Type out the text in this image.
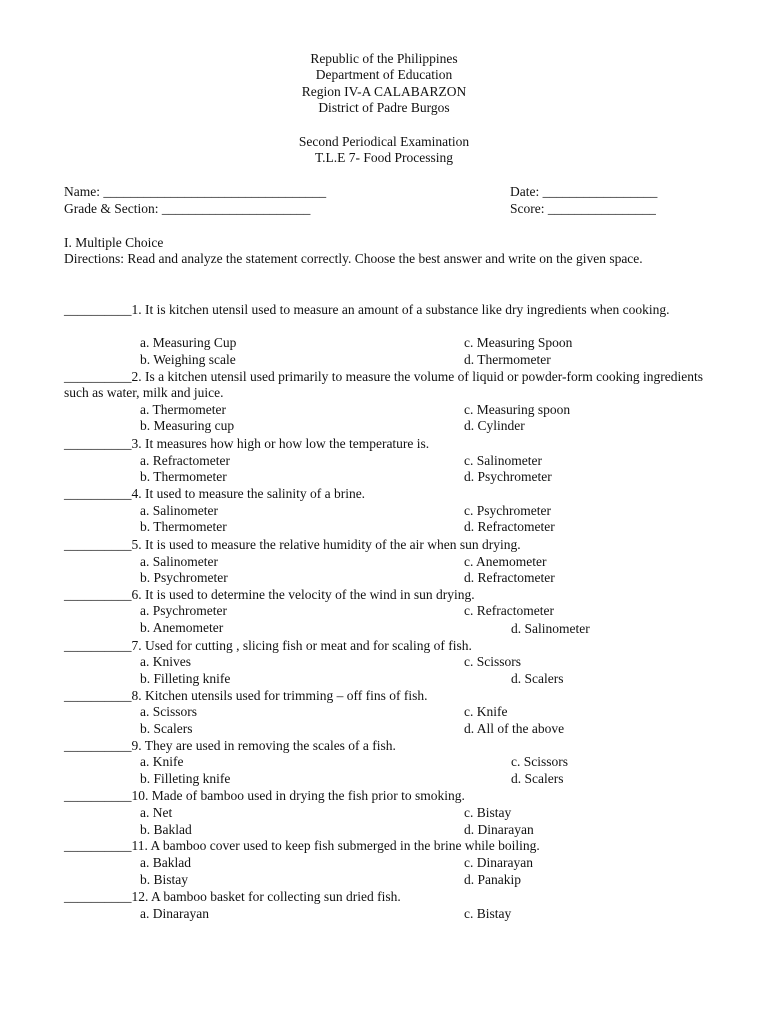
Republic of the Philippines
Department of Education
Region IV-A CALABARZON
District of Padre Burgos
Second Periodical Examination
T.L.E 7- Food Processing
Name: _________________________________	Date: _________________
Grade & Section: ______________________	Score: ________________
I. Multiple Choice
Directions: Read and analyze the statement correctly. Choose the best answer and write on the given space.
__________1. It is kitchen utensil used to measure an amount of a substance like dry ingredients when cooking.
a. Measuring Cup	c. Measuring Spoon
b. Weighing scale	d. Thermometer
__________2. Is a kitchen utensil used primarily to measure the volume of liquid or powder-form cooking ingredients such as water, milk and juice.
a. Thermometer	c. Measuring spoon
b. Measuring cup	d. Cylinder
__________3. It measures how high or how low the temperature is.
a. Refractometer	c. Salinometer
b. Thermometer	d. Psychrometer
__________4. It used to measure the salinity of a brine.
a. Salinometer	c. Psychrometer
b. Thermometer	d. Refractometer
__________5. It is used to measure the relative humidity of the air when sun drying.
a. Salinometer	c. Anemometer
b. Psychrometer	d. Refractometer
__________6. It is used to determine the velocity of the wind in sun drying.
a. Psychrometer	c. Refractometer
b. Anemometer	d. Salinometer
__________7. Used for cutting , slicing fish or meat and for scaling of fish.
a. Knives	c. Scissors
b. Filleting knife	d. Scalers
__________8. Kitchen utensils used for trimming – off fins of fish.
a. Scissors	c. Knife
b. Scalers	d. All of the above
__________9. They are used in removing the scales of a fish.
a. Knife	c. Scissors
b. Filleting knife	d. Scalers
__________10. Made of bamboo used in drying the fish prior to smoking.
a. Net	c. Bistay
b. Baklad	d. Dinarayan
__________11. A bamboo cover used to keep fish submerged in the brine while boiling.
a. Baklad	c. Dinarayan
b. Bistay	d. Panakip
__________12. A bamboo basket for collecting sun dried fish.
a. Dinarayan	c. Bistay
